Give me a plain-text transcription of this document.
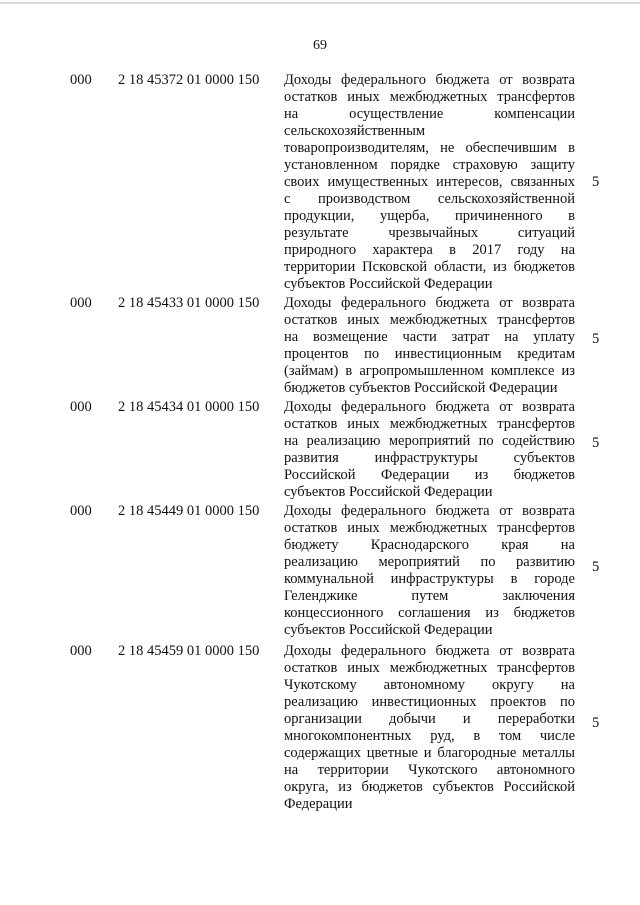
69
000 2 18 45372 01 0000 150 Доходы федерального бюджета от возврата
остатков иных межбюджетных трансфертов
на осуществление компенсации
сельскохозяйственным
товаропроизводителям, не обеспечившим в
установленном порядке страховую защиту
своих имущественных интересов, связанных
с производством сельскохозяйственной
продукции, ущерба, причиненного в
результате чрезвычайных ситуаций
природного характера в 2017 году на
территории Псковской области, из бюджетов
субъектов Российской Федерации
5
000 2 18 45433 01 0000 150 Доходы федерального бюджета от возврата
остатков иных межбюджетных трансфертов
на возмещение части затрат на уплату
процентов по инвестиционным кредитам
(займам) в агропромышленном комплексе из
бюджетов субъектов Российской Федерации
5
000 2 18 45434 01 0000 150 Доходы федерального бюджета от возврата
остатков иных межбюджетных трансфертов
на реализацию мероприятий по содействию
развития инфраструктуры субъектов
Российской Федерации из бюджетов
субъектов Российской Федерации
5
000 2 18 45449 01 0000 150 Доходы федерального бюджета от возврата
остатков иных межбюджетных трансфертов
бюджету Краснодарского края на
реализацию мероприятий по развитию
коммунальной инфраструктуры в городе
Геленджике путем заключения
концессионного соглашения из бюджетов
субъектов Российской Федерации
5
000 2 18 45459 01 0000 150 Доходы федерального бюджета от возврата
остатков иных межбюджетных трансфертов
Чукотскому автономному округу на
реализацию инвестиционных проектов по
организации добычи и переработки
многокомпонентных руд, в том числе
содержащих цветные и благородные металлы
на территории Чукотского автономного
округа, из бюджетов субъектов Российской
Федерации
5
